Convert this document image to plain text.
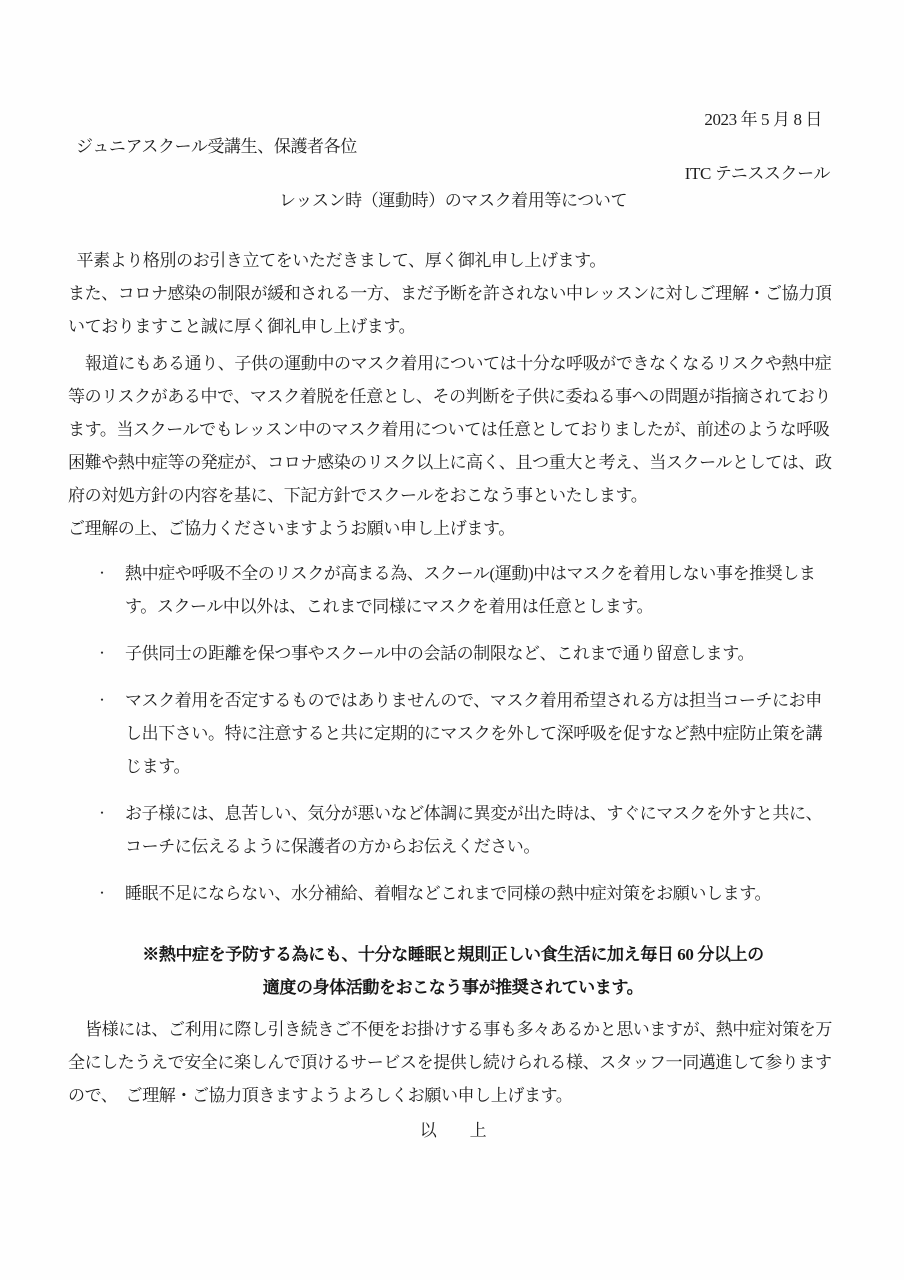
2023 年 5 月 8 日

ジュニアスクール受講生、保護者各位

ITC テニススクール

レッスン時（運動時）のマスク着用等について

平素より格別のお引き立てをいただきまして、厚く御礼申し上げます。

また、コロナ感染の制限が緩和される一方、まだ予断を許されない中レッスンに対しご理解・ご協力頂いておりますこと誠に厚く御礼申し上げます。

報道にもある通り、子供の運動中のマスク着用については十分な呼吸ができなくなるリスクや熱中症等のリスクがある中で、マスク着脱を任意とし、その判断を子供に委ねる事への問題が指摘されております。当スクールでもレッスン中のマスク着用については任意としておりましたが、前述のような呼吸困難や熱中症等の発症が、コロナ感染のリスク以上に高く、且つ重大と考え、当スクールとしては、政府の対処方針の内容を基に、下記方針でスクールをおこなう事といたします。

ご理解の上、ご協力くださいますようお願い申し上げます。

・	熱中症や呼吸不全のリスクが高まる為、スクール(運動)中はマスクを着用しない事を推奨します。スクール中以外は、これまで同様にマスクを着用は任意とします。
・	子供同士の距離を保つ事やスクール中の会話の制限など、これまで通り留意します。
・	マスク着用を否定するものではありませんので、マスク着用希望される方は担当コーチにお申し出下さい。特に注意すると共に定期的にマスクを外して深呼吸を促すなど熱中症防止策を講じます。
・	お子様には、息苦しい、気分が悪いなど体調に異変が出た時は、すぐにマスクを外すと共に、コーチに伝えるように保護者の方からお伝えください。
・	睡眠不足にならない、水分補給、着帽などこれまで同様の熱中症対策をお願いします。
※熱中症を予防する為にも、十分な睡眠と規則正しい食生活に加え毎日 60 分以上の
適度の身体活動をおこなう事が推奨されています。

皆様には、ご利用に際し引き続きご不便をお掛けする事も多々あるかと思いますが、熱中症対策を万全にしたうえで安全に楽しんで頂けるサービスを提供し続けられる様、スタッフ一同邁進して参りますので、　ご理解・ご協力頂きますようよろしくお願い申し上げます。

以　　上
